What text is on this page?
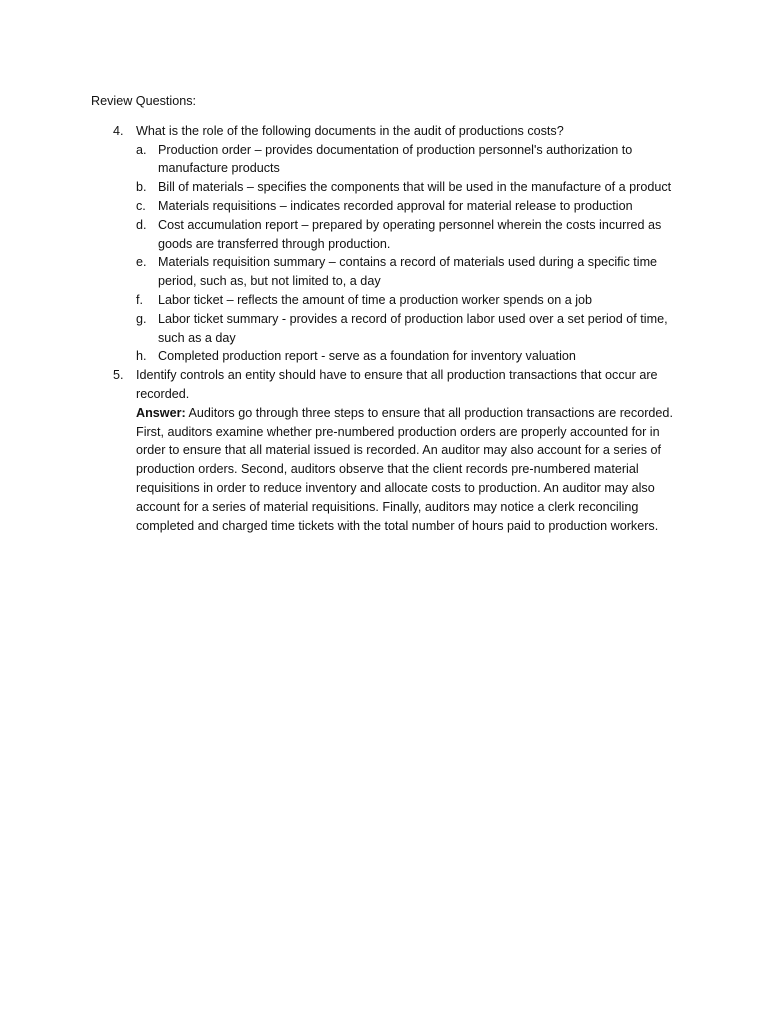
Review Questions:

4. What is the role of the following documents in the audit of productions costs?
a. Production order – provides documentation of production personnel's authorization to manufacture products
b. Bill of materials – specifies the components that will be used in the manufacture of a product
c. Materials requisitions – indicates recorded approval for material release to production
d. Cost accumulation report – prepared by operating personnel wherein the costs incurred as goods are transferred through production.
e. Materials requisition summary – contains a record of materials used during a specific time period, such as, but not limited to, a day
f. Labor ticket – reflects the amount of time a production worker spends on a job
g. Labor ticket summary - provides a record of production labor used over a set period of time, such as a day
h. Completed production report - serve as a foundation for inventory valuation
5. Identify controls an entity should have to ensure that all production transactions that occur are recorded.
Answer: Auditors go through three steps to ensure that all production transactions are recorded. First, auditors examine whether pre-numbered production orders are properly accounted for in order to ensure that all material issued is recorded. An auditor may also account for a series of production orders. Second, auditors observe that the client records pre-numbered material requisitions in order to reduce inventory and allocate costs to production. An auditor may also account for a series of material requisitions. Finally, auditors may notice a clerk reconciling completed and charged time tickets with the total number of hours paid to production workers.
